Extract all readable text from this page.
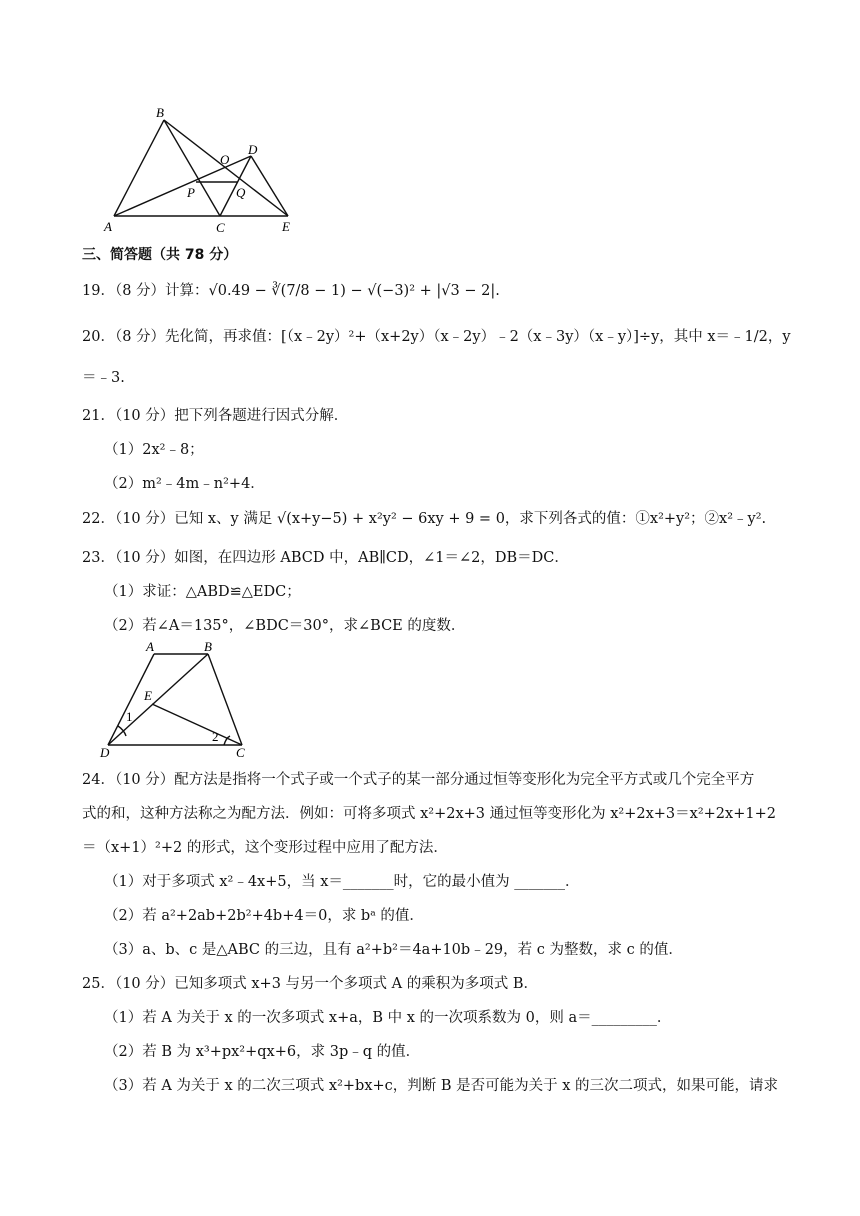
B
O
D
P	Q
A	C	E
三、简答题（共 78 分）
19．（8 分）计算：√0.49 − ∛(7/8 − 1) − √(−3)² + |√3 − 2|.
20．（8 分）先化简，再求值：[（x﹣2y）²+（x+2y）（x﹣2y）﹣2（x﹣3y）（x﹣y）]÷y，其中 x＝﹣1/2，y
＝﹣3.
21．（10 分）把下列各题进行因式分解．
（1）2x²﹣8；
（2）m²﹣4m﹣n²+4．
22．（10 分）已知 x、y 满足 √(x+y−5) + x²y² − 6xy + 9 = 0，求下列各式的值：①x²+y²；②x²﹣y².
23．（10 分）如图，在四边形 ABCD 中，AB∥CD，∠1＝∠2，DB＝DC．
（1）求证：△ABD≌△EDC；
（2）若∠A＝135°，∠BDC＝30°，求∠BCE 的度数．
A	B
E
1
2
D	C
24．（10 分）配方法是指将一个式子或一个式子的某一部分通过恒等变形化为完全平方式或几个完全平方
式的和，这种方法称之为配方法．例如：可将多项式 x²+2x+3 通过恒等变形化为 x²+2x+3＝x²+2x+1+2
＝（x+1）²+2 的形式，这个变形过程中应用了配方法．
（1）对于多项式 x²﹣4x+5，当 x＝_______时，它的最小值为 _______．
（2）若 a²+2ab+2b²+4b+4＝0，求 bᵃ 的值．
（3）a、b、c 是△ABC 的三边，且有 a²+b²＝4a+10b﹣29，若 c 为整数，求 c 的值．
25．（10 分）已知多项式 x+3 与另一个多项式 A 的乘积为多项式 B．
（1）若 A 为关于 x 的一次多项式 x+a，B 中 x 的一次项系数为 0，则 a＝_________．
（2）若 B 为 x³+px²+qx+6，求 3p﹣q 的值．
（3）若 A 为关于 x 的二次三项式 x²+bx+c，判断 B 是否可能为关于 x 的三次二项式，如果可能，请求
